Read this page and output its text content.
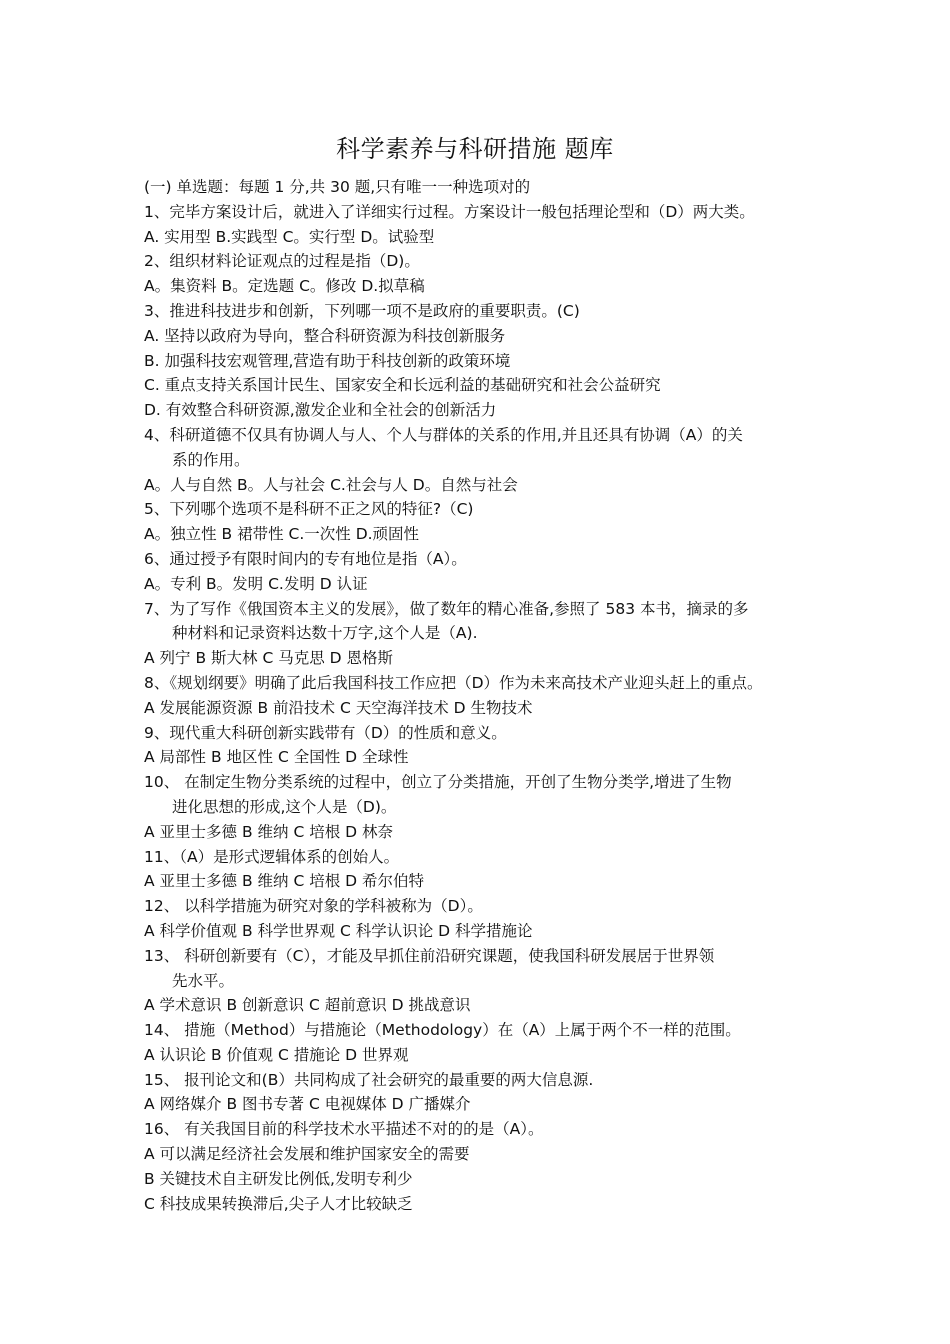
科学素养与科研措施 题库
(一) 单选题：每题 1 分,共 30 题,只有唯一一种选项对的
1、完毕方案设计后，就进入了详细实行过程。方案设计一般包括理论型和（D）两大类。
A. 实用型 B.实践型 C。实行型 D。试验型
2、组织材料论证观点的过程是指（D)。
A。集资料 B。定选题 C。修改 D.拟草稿
3、推进科技进步和创新，下列哪一项不是政府的重要职责。(C)
A. 坚持以政府为导向，整合科研资源为科技创新服务
B. 加强科技宏观管理,营造有助于科技创新的政策环境
C. 重点支持关系国计民生、国家安全和长远利益的基础研究和社会公益研究
D. 有效整合科研资源,激发企业和全社会的创新活力
4、科研道德不仅具有协调人与人、个人与群体的关系的作用,并且还具有协调（A）的关
系的作用。
A。人与自然 B。人与社会 C.社会与人 D。自然与社会
5、下列哪个选项不是科研不正之风的特征?（C)
A。独立性 B 裙带性 C.一次性 D.顽固性
6、通过授予有限时间内的专有地位是指（A）。
A。专利 B。发明 C.发明 D 认证
7、为了写作《俄国资本主义的发展》，做了数年的精心准备,参照了 583 本书，摘录的多
种材料和记录资料达数十万字,这个人是（A).
A 列宁 B 斯大林 C 马克思 D 恩格斯
8、《规划纲要》明确了此后我国科技工作应把（D）作为未来高技术产业迎头赶上的重点。
A 发展能源资源 B 前沿技术 C 天空海洋技术 D 生物技术
9、现代重大科研创新实践带有（D）的性质和意义。
A 局部性 B 地区性 C 全国性 D 全球性
10、 在制定生物分类系统的过程中，创立了分类措施，开创了生物分类学,增进了生物
进化思想的形成,这个人是（D)。
A 亚里士多德 B 维纳 C 培根 D 林奈
11、（A）是形式逻辑体系的创始人。
A 亚里士多德 B 维纳 C 培根 D 希尔伯特
12、 以科学措施为研究对象的学科被称为（D）。
A 科学价值观 B 科学世界观 C 科学认识论 D 科学措施论
13、 科研创新要有（C），才能及早抓住前沿研究课题，使我国科研发展居于世界领
先水平。
A 学术意识 B 创新意识 C 超前意识 D 挑战意识
14、 措施（Method）与措施论（Methodology）在（A）上属于两个不一样的范围。
A 认识论 B 价值观 C 措施论 D 世界观
15、 报刊论文和(B）共同构成了社会研究的最重要的两大信息源.
A 网络媒介 B 图书专著 C 电视媒体 D 广播媒介
16、 有关我国目前的科学技术水平描述不对的的是（A）。
A 可以满足经济社会发展和维护国家安全的需要
B 关键技术自主研发比例低,发明专利少
C 科技成果转换滞后,尖子人才比较缺乏
